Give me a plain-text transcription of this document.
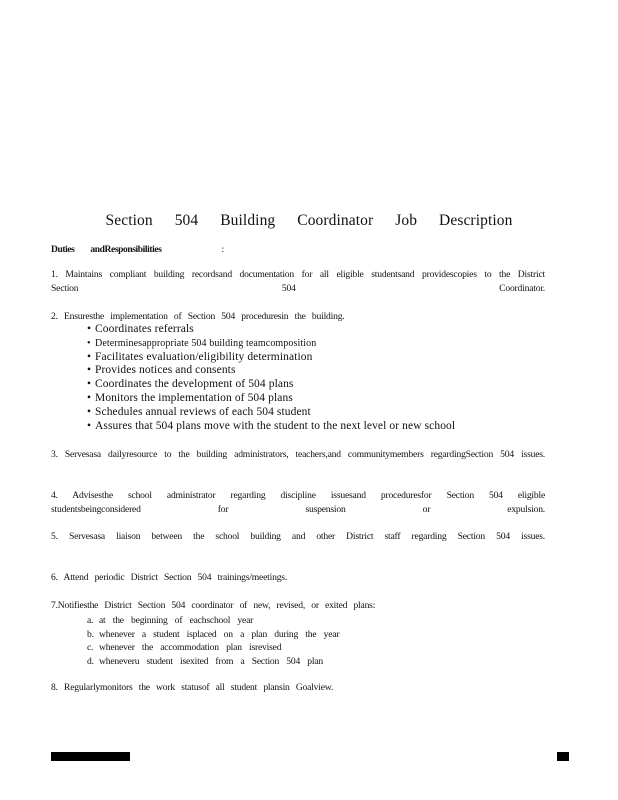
Section 504 Building Coordinator Job Description
Duties andResponsibilities	:
1. Maintains compliant building recordsand documentation for all eligible studentsand providescopies to the District Section 504 Coordinator.
2. Ensuresthe implementation of Section 504 proceduresin the building.
• Coordinates referrals
• Determinesappropriate 504 building teamcomposition
• Facilitates evaluation/eligibility determination
• Provides notices and consents
• Coordinates the development of 504 plans
• Monitors the implementation of 504 plans
• Schedules annual reviews of each 504 student
• Assures that 504 plans move with the student to the next level or new school
3. Servesasa dailyresource to the building administrators, teachers,and communitymembers regardingSection 504 issues.
4. Advisesthe school administrator regarding discipline issuesand proceduresfor Section 504 eligible studentsbeingconsidered for suspension or expulsion.
5. Servesasa liaison between the school building and other District staff regarding Section 504 issues.
6. Attend periodic District Section 504 trainings/meetings.
7.Notifiesthe District Section 504 coordinator of new, revised, or exited plans:
a. at the beginning of eachschool year
b. whenever a student isplaced on a plan during the year
c. whenever the accommodation plan isrevised
d. wheneveru student isexited from a Section 504 plan
8. Regularlymonitors the work statusof all student plansin Goalview.
